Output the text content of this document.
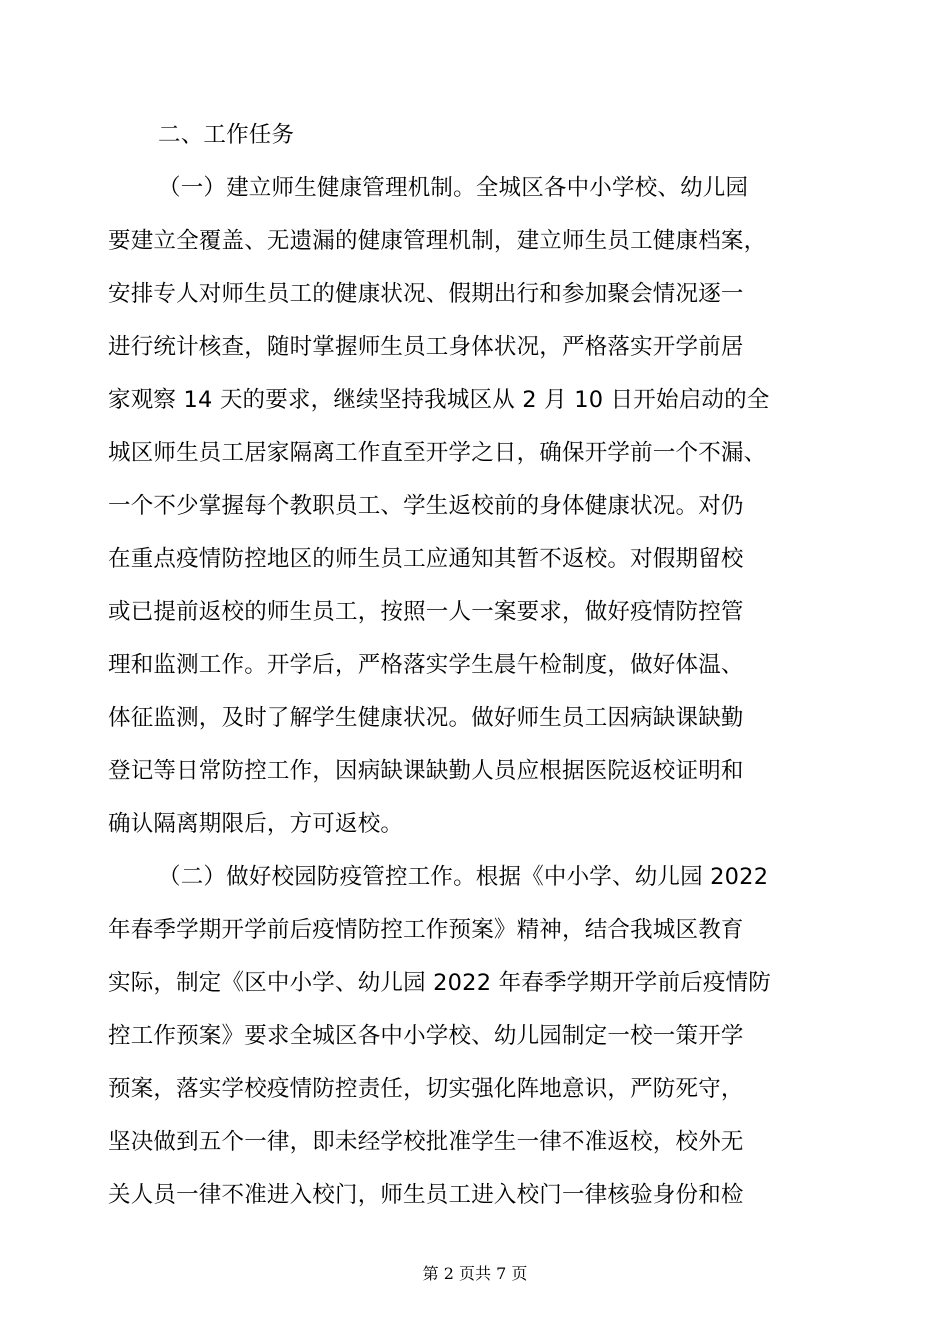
二、工作任务
（一）建立师生健康管理机制。全城区各中小学校、幼儿园
要建立全覆盖、无遗漏的健康管理机制，建立师生员工健康档案，
安排专人对师生员工的健康状况、假期出行和参加聚会情况逐一
进行统计核查，随时掌握师生员工身体状况，严格落实开学前居
家观察 14 天的要求，继续坚持我城区从 2 月 10 日开始启动的全
城区师生员工居家隔离工作直至开学之日，确保开学前一个不漏、
一个不少掌握每个教职员工、学生返校前的身体健康状况。对仍
在重点疫情防控地区的师生员工应通知其暂不返校。对假期留校
或已提前返校的师生员工，按照一人一案要求，做好疫情防控管
理和监测工作。开学后，严格落实学生晨午检制度，做好体温、
体征监测，及时了解学生健康状况。做好师生员工因病缺课缺勤
登记等日常防控工作，因病缺课缺勤人员应根据医院返校证明和
确认隔离期限后，方可返校。
（二）做好校园防疫管控工作。根据《中小学、幼儿园 2022
年春季学期开学前后疫情防控工作预案》精神，结合我城区教育
实际，制定《区中小学、幼儿园 2022 年春季学期开学前后疫情防
控工作预案》要求全城区各中小学校、幼儿园制定一校一策开学
预案，落实学校疫情防控责任，切实强化阵地意识，严防死守，
坚决做到五个一律，即未经学校批准学生一律不准返校，校外无
关人员一律不准进入校门，师生员工进入校门一律核验身份和检
第 2 页共 7 页
